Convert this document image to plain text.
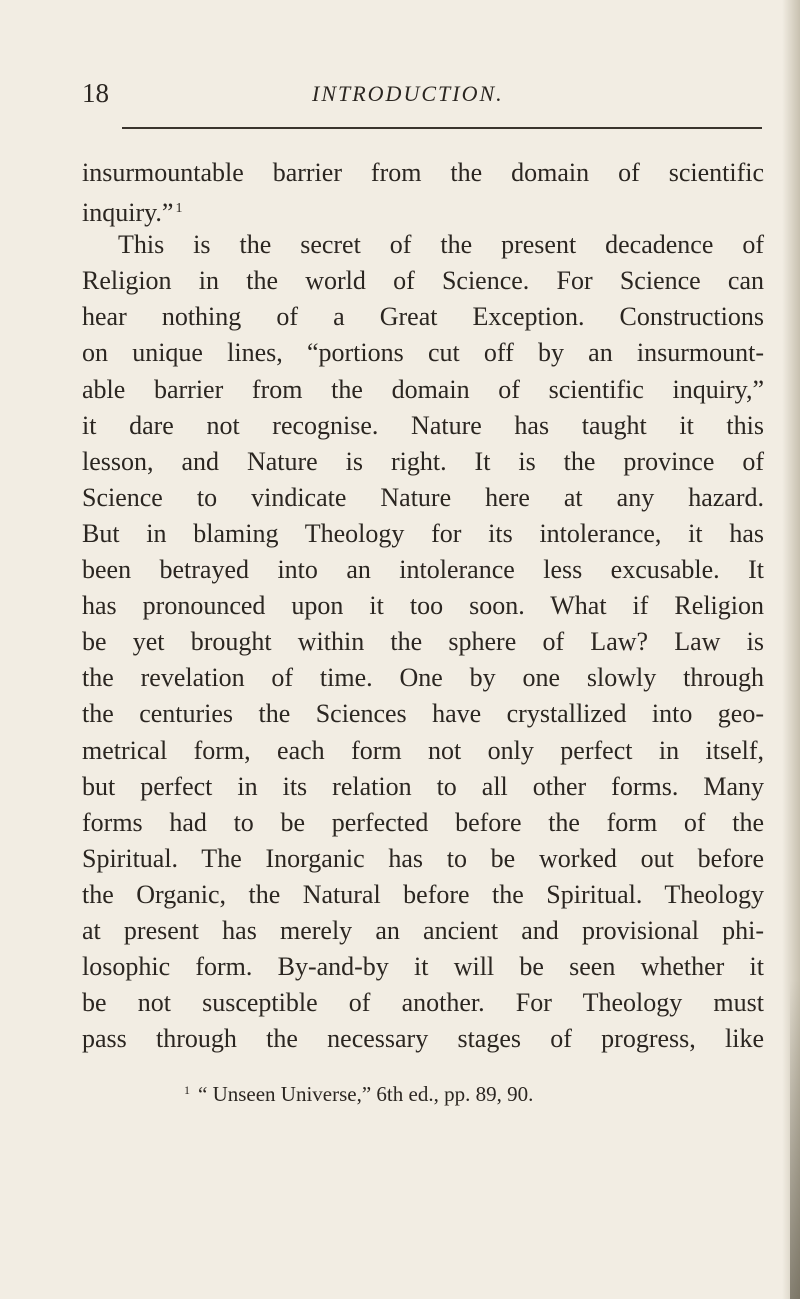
18	INTRODUCTION.
insurmountable barrier from the domain of scientific
inquiry.” $^1$
This is the secret of the present decadence of
Religion in the world of Science. For Science can
hear nothing of a Great Exception. Constructions
on unique lines, “portions cut off by an insurmount-
able barrier from the domain of scientific inquiry,”
it dare not recognise. Nature has taught it this
lesson, and Nature is right. It is the province of
Science to vindicate Nature here at any hazard.
But in blaming Theology for its intolerance, it has
been betrayed into an intolerance less excusable. It
has pronounced upon it too soon. What if Religion
be yet brought within the sphere of Law? Law is
the revelation of time. One by one slowly through
the centuries the Sciences have crystallized into geo-
metrical form, each form not only perfect in itself,
but perfect in its relation to all other forms. Many
forms had to be perfected before the form of the
Spiritual. The Inorganic has to be worked out before
the Organic, the Natural before the Spiritual. Theology
at present has merely an ancient and provisional phi-
losophic form. By-and-by it will be seen whether it
be not susceptible of another. For Theology must
pass through the necessary stages of progress, like
$^1$ “ Unseen Universe,” 6th ed., pp. 89, 90.
